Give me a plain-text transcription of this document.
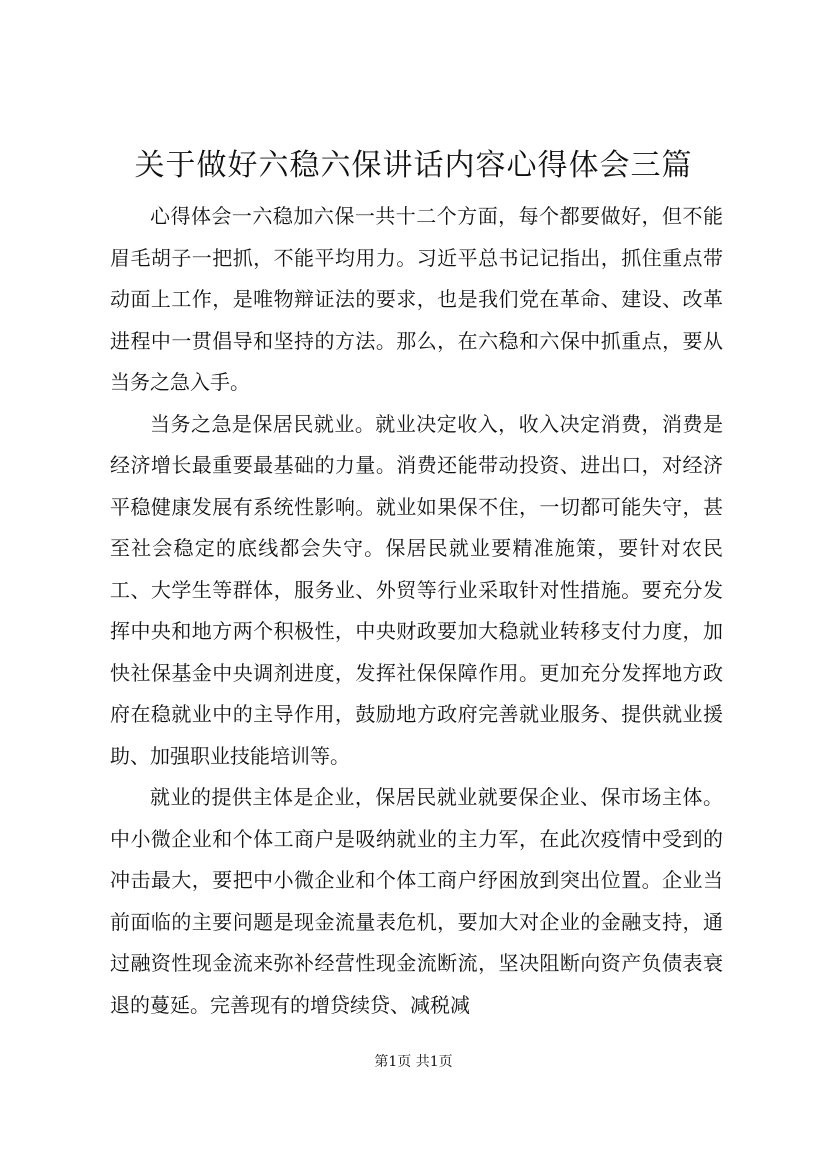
关于做好六稳六保讲话内容心得体会三篇

心得体会一六稳加六保一共十二个方面，每个都要做好，但不能眉毛胡子一把抓，不能平均用力。习近平总书记记指出，抓住重点带动面上工作，是唯物辩证法的要求，也是我们党在革命、建设、改革进程中一贯倡导和坚持的方法。那么，在六稳和六保中抓重点，要从当务之急入手。

当务之急是保居民就业。就业决定收入，收入决定消费，消费是经济增长最重要最基础的力量。消费还能带动投资、进出口，对经济平稳健康发展有系统性影响。就业如果保不住，一切都可能失守，甚至社会稳定的底线都会失守。保居民就业要精准施策，要针对农民工、大学生等群体，服务业、外贸等行业采取针对性措施。要充分发挥中央和地方两个积极性，中央财政要加大稳就业转移支付力度，加快社保基金中央调剂进度，发挥社保保障作用。更加充分发挥地方政府在稳就业中的主导作用，鼓励地方政府完善就业服务、提供就业援助、加强职业技能培训等。

就业的提供主体是企业，保居民就业就要保企业、保市场主体。中小微企业和个体工商户是吸纳就业的主力军，在此次疫情中受到的冲击最大，要把中小微企业和个体工商户纾困放到突出位置。企业当前面临的主要问题是现金流量表危机，要加大对企业的金融支持，通过融资性现金流来弥补经营性现金流断流，坚决阻断向资产负债表衰退的蔓延。完善现有的增贷续贷、减税减

第1页 共1页
